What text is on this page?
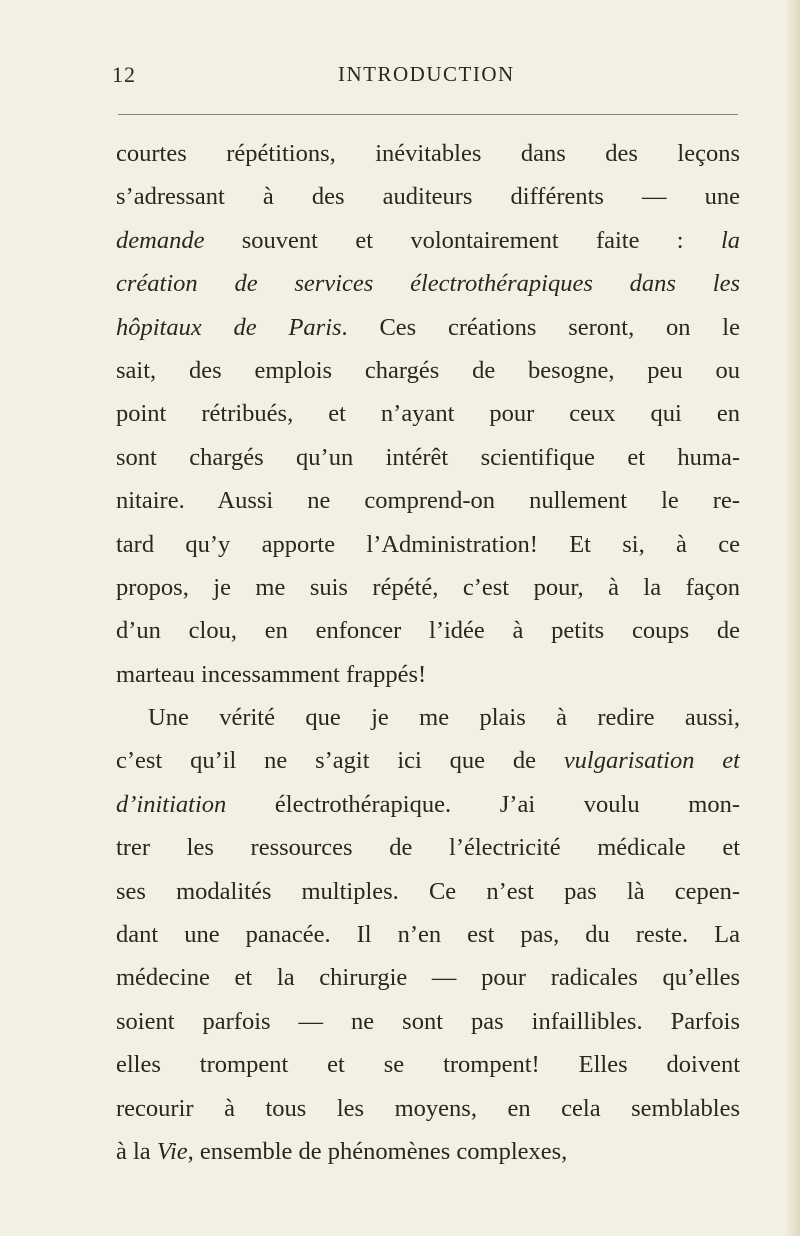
12	INTRODUCTION
courtes répétitions, inévitables dans des leçons
s’adressant à des auditeurs différents — une
demande souvent et volontairement faite : la
création de services électrothérapiques dans les
hôpitaux de Paris. Ces créations seront, on le
sait, des emplois chargés de besogne, peu ou
point rétribués, et n’ayant pour ceux qui en
sont chargés qu’un intérêt scientifique et huma-
nitaire. Aussi ne comprend-on nullement le re-
tard qu’y apporte l’Administration! Et si, à ce
propos, je me suis répété, c’est pour, à la façon
d’un clou, en enfoncer l’idée à petits coups de
marteau incessamment frappés!
Une vérité que je me plais à redire aussi,
c’est qu’il ne s’agit ici que de vulgarisation et
d’initiation électrothérapique. J’ai voulu mon-
trer les ressources de l’électricité médicale et
ses modalités multiples. Ce n’est pas là cepen-
dant une panacée. Il n’en est pas, du reste. La
médecine et la chirurgie — pour radicales qu’elles
soient parfois — ne sont pas infaillibles. Parfois
elles trompent et se trompent! Elles doivent
recourir à tous les moyens, en cela semblables
à la Vie, ensemble de phénomènes complexes,
